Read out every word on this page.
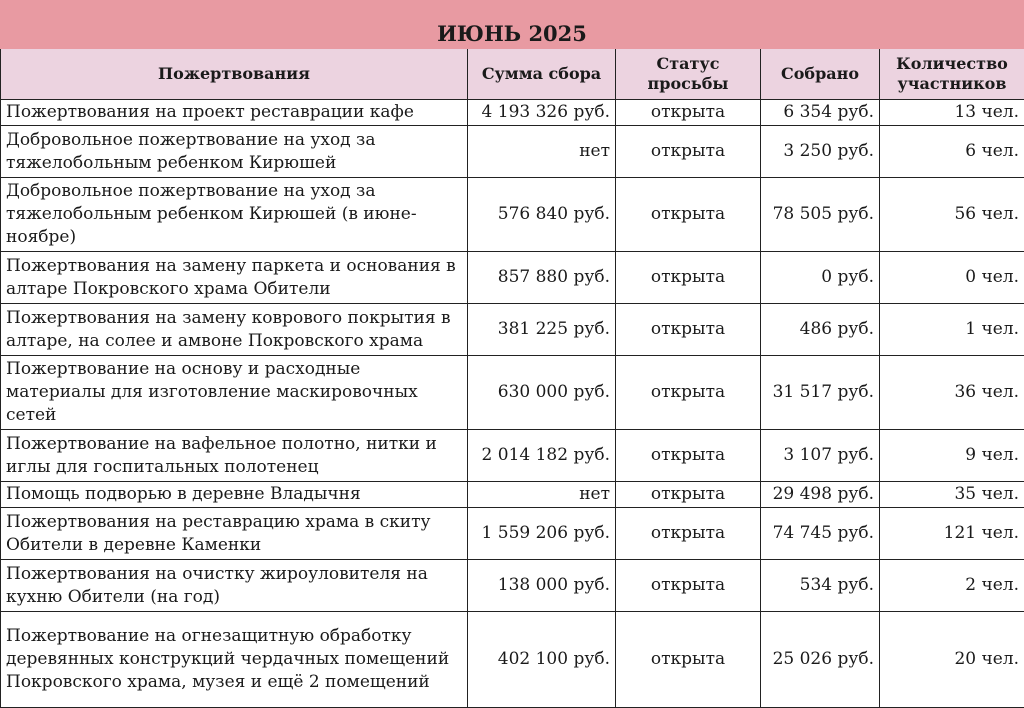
ИЮНЬ 2025
Пожертвования	Сумма сбора	Статус просьбы	Собрано	Количество участников
Пожертвования на проект реставрации кафе	4 193 326 руб.	открыта	6 354 руб.	13 чел.
Добровольное пожертвование на уход за тяжелобольным ребенком Кирюшей	нет	открыта	3 250 руб.	6 чел.
Добровольное пожертвование на уход за тяжелобольным ребенком Кирюшей (в июне-ноябре)	576 840 руб.	открыта	78 505 руб.	56 чел.
Пожертвования на замену паркета и основания в алтаре Покровского храма Обители	857 880 руб.	открыта	0 руб.	0 чел.
Пожертвования на замену коврового покрытия в алтаре, на солее и амвоне Покровского храма	381 225 руб.	открыта	486 руб.	1 чел.
Пожертвование на основу и расходные материалы для изготовление маскировочных сетей	630 000 руб.	открыта	31 517 руб.	36 чел.
Пожертвование на вафельное полотно, нитки и иглы для госпитальных полотенец	2 014 182 руб.	открыта	3 107 руб.	9 чел.
Помощь подворью в деревне Владычня	нет	открыта	29 498 руб.	35 чел.
Пожертвования на реставрацию храма в скиту Обители в деревне Каменки	1 559 206 руб.	открыта	74 745 руб.	121 чел.
Пожертвования на очистку жироуловителя на кухню Обители (на год)	138 000 руб.	открыта	534 руб.	2 чел.
Пожертвование на огнезащитную обработку деревянных конструкций чердачных помещений Покровского храма, музея и ещё 2 помещений	402 100 руб.	открыта	25 026 руб.	20 чел.
